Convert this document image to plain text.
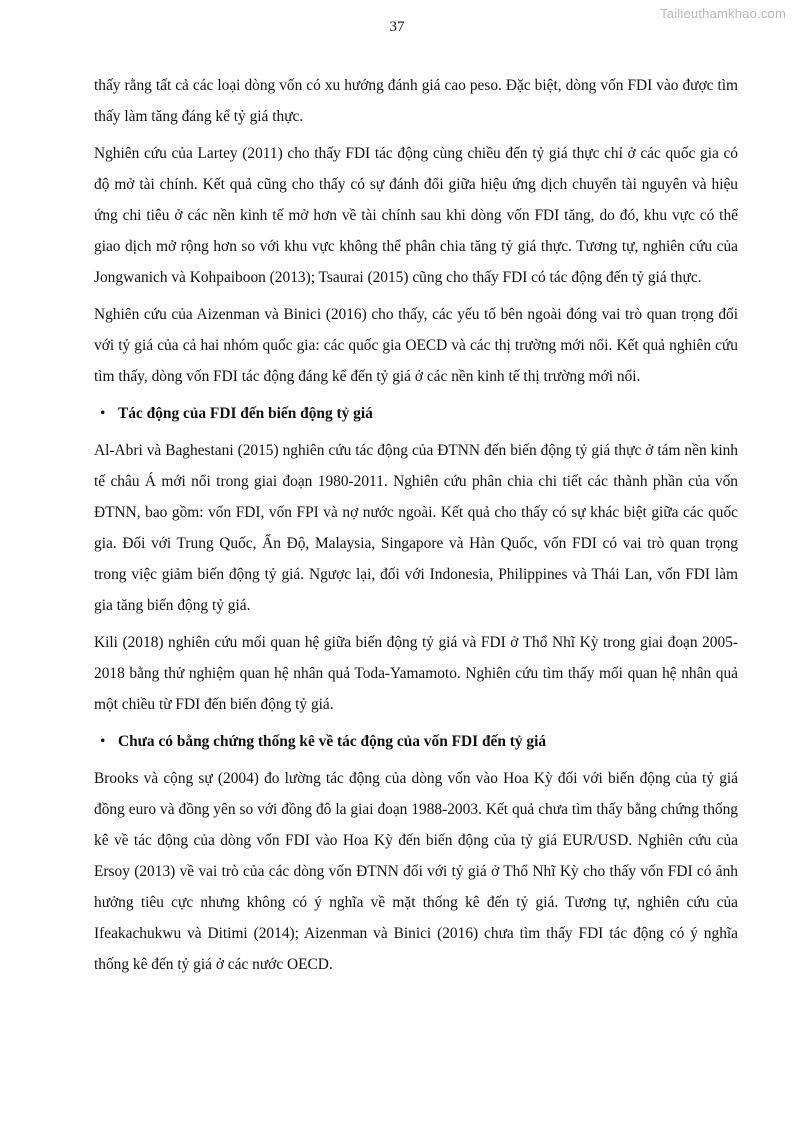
Tailieuthamkhao.com
37

thấy rằng tất cả các loại dòng vốn có xu hướng đánh giá cao peso. Đặc biệt, dòng vốn FDI vào được tìm thấy làm tăng đáng kể tỷ giá thực.

Nghiên cứu của Lartey (2011) cho thấy FDI tác động cùng chiều đến tỷ giá thực chỉ ở các quốc gia có độ mở tài chính. Kết quả cũng cho thấy có sự đánh đổi giữa hiệu ứng dịch chuyển tài nguyên và hiệu ứng chi tiêu ở các nền kinh tế mở hơn về tài chính sau khi dòng vốn FDI tăng, do đó, khu vực có thể giao dịch mở rộng hơn so với khu vực không thể phân chia tăng tỷ giá thực. Tương tự, nghiên cứu của Jongwanich và Kohpaiboon (2013); Tsaurai (2015) cũng cho thấy FDI có tác động đến tỷ giá thực.

Nghiên cứu của Aizenman và Binici (2016) cho thấy, các yếu tố bên ngoài đóng vai trò quan trọng đối với tỷ giá của cả hai nhóm quốc gia: các quốc gia OECD và các thị trường mới nổi. Kết quả nghiên cứu tìm thấy, dòng vốn FDI tác động đáng kể đến tỷ giá ở các nền kinh tế thị trường mới nổi.

• Tác động của FDI đến biến động tỷ giá

Al-Abri và Baghestani (2015) nghiên cứu tác động của ĐTNN đến biến động tỷ giá thực ở tám nền kinh tế châu Á mới nổi trong giai đoạn 1980-2011. Nghiên cứu phân chia chi tiết các thành phần của vốn ĐTNN, bao gồm: vốn FDI, vốn FPI và nợ nước ngoài. Kết quả cho thấy có sự khác biệt giữa các quốc gia. Đối với Trung Quốc, Ấn Độ, Malaysia, Singapore và Hàn Quốc, vốn FDI có vai trò quan trọng trong việc giảm biến động tỷ giá. Ngược lại, đối với Indonesia, Philippines và Thái Lan, vốn FDI làm gia tăng biến động tỷ giá.

Kili (2018) nghiên cứu mối quan hệ giữa biến động tỷ giá và FDI ở Thổ Nhĩ Kỳ trong giai đoạn 2005-2018 bằng thử nghiệm quan hệ nhân quả Toda-Yamamoto. Nghiên cứu tìm thấy mối quan hệ nhân quả một chiều từ FDI đến biến động tỷ giá.

• Chưa có bằng chứng thống kê về tác động của vốn FDI đến tỷ giá

Brooks và cộng sự (2004) đo lường tác động của dòng vốn vào Hoa Kỳ đối với biến động của tỷ giá đồng euro và đồng yên so với đồng đô la giai đoạn 1988-2003. Kết quả chưa tìm thấy bằng chứng thống kê về tác động của dòng vốn FDI vào Hoa Kỳ đến biến động của tỷ giá EUR/USD. Nghiên cứu của Ersoy (2013) về vai trò của các dòng vốn ĐTNN đối với tỷ giá ở Thổ Nhĩ Kỳ cho thấy vốn FDI có ảnh hưởng tiêu cực nhưng không có ý nghĩa về mặt thống kê đến tỷ giá. Tương tự, nghiên cứu của Ifeakachukwu và Ditimi (2014); Aizenman và Binici (2016) chưa tìm thấy FDI tác động có ý nghĩa thống kê đến tỷ giá ở các nước OECD.
